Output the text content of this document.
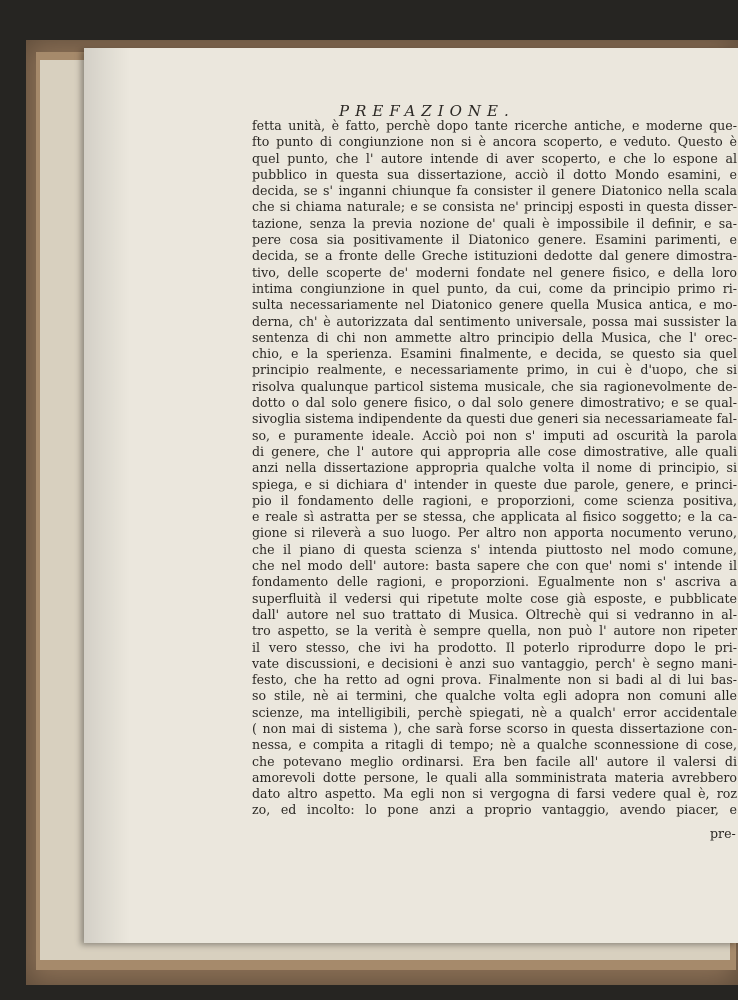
PREFAZIONE.
fetta unità, è fatto, perchè dopo tante ricerche antiche, e moderne que-
fto punto di congiunzione non si è ancora scoperto, e veduto. Questo è
quel punto, che l' autore intende di aver scoperto, e che lo espone al
pubblico in questa sua dissertazione, acciò il dotto Mondo esamini, e
decida, se s' inganni chiunque fa consister il genere Diatonico nella scala
che si chiama naturale; e se consista ne' principj esposti in questa disser-
tazione, senza la previa nozione de' quali è impossibile il definir, e sa-
pere cosa sia positivamente il Diatonico genere. Esamini parimenti, e
decida, se a fronte delle Greche istituzioni dedotte dal genere dimostra-
tivo, delle scoperte de' moderni fondate nel genere fisico, e della loro
intima congiunzione in quel punto, da cui, come da principio primo ri-
sulta necessariamente nel Diatonico genere quella Musica antica, e mo-
derna, ch' è autorizzata dal sentimento universale, possa mai sussister la
sentenza di chi non ammette altro principio della Musica, che l' orec-
chio, e la sperienza. Esamini finalmente, e decida, se questo sia quel
principio realmente, e necessariamente primo, in cui è d'uopo, che si
risolva qualunque particol sistema musicale, che sia ragionevolmente de-
dotto o dal solo genere fisico, o dal solo genere dimostrativo; e se qual-
sivoglia sistema indipendente da questi due generi sia necessariameate fal-
so, e puramente ideale. Acciò poi non s' imputi ad oscurità la parola
di genere, che l' autore qui appropria alle cose dimostrative, alle quali
anzi nella dissertazione appropria qualche volta il nome di principio, si
spiega, e si dichiara d' intender in queste due parole, genere, e princi-
pio il fondamento delle ragioni, e proporzioni, come scienza positiva,
e reale sì astratta per se stessa, che applicata al fisico soggetto; e la ca-
gione si rileverà a suo luogo. Per altro non apporta nocumento veruno,
che il piano di questa scienza s' intenda piuttosto nel modo comune,
che nel modo dell' autore: basta sapere che con que' nomi s' intende il
fondamento delle ragioni, e proporzioni. Egualmente non s' ascriva a
superfluità il vedersi qui ripetute molte cose già esposte, e pubblicate
dall' autore nel suo trattato di Musica. Oltrechè qui si vedranno in al-
tro aspetto, se la verità è sempre quella, non può l' autore non ripeter
il vero stesso, che ivi ha prodotto. Il poterlo riprodurre dopo le pri-
vate discussioni, e decisioni è anzi suo vantaggio, perch' è segno mani-
festo, che ha retto ad ogni prova. Finalmente non si badi al di lui bas-
so stile, nè ai termini, che qualche volta egli adopra non comuni alle
scienze, ma intelligibili, perchè spiegati, nè a qualch' error accidentale
( non mai di sistema ), che sarà forse scorso in questa dissertazione con-
nessa, e compita a ritagli di tempo; nè a qualche sconnessione di cose,
che potevano meglio ordinarsi. Era ben facile all' autore il valersi di
amorevoli dotte persone, le quali alla somministrata materia avrebbero
dato altro aspetto. Ma egli non si vergogna di farsi vedere qual è, roz
zo, ed incolto: lo pone anzi a proprio vantaggio, avendo piacer, e
pre-
